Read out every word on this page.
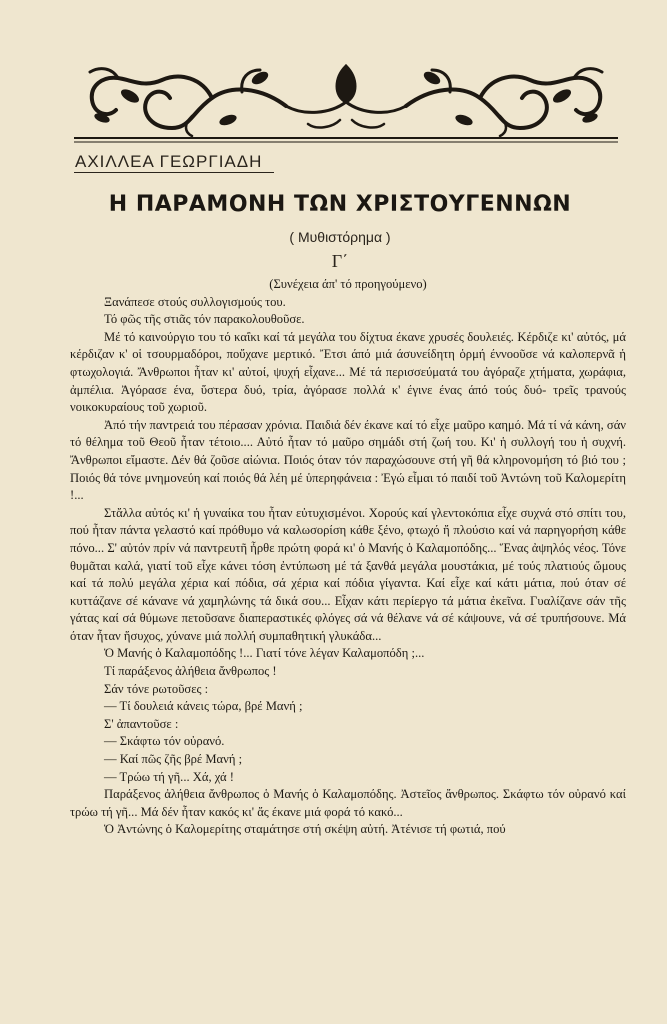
ΑΧΙΛΛΕΑ ΓΕΩΡΓΙΑΔΗ
Η ΠΑΡΑΜΟΝΗ ΤΩΝ ΧΡΙΣΤΟΥΓΕΝΝΩΝ
( Μυθιστόρημα )
Γ΄

(Συνέχεια άπ' τό προηγούμενο)

Ξανάπεσε στούς συλλογισμούς του.

Τό φῶς τῆς στιᾶς τόν παρακολουθοῦσε.

Μέ τό καινούργιο του τό καΐκι καί τά μεγάλα του δίχτυα έκανε χρυσές δουλειές. Κέρδιζε κι' αὐτός, μά κέρδιζαν κ' οἱ τσουρμαδόροι, ποὔχανε μερτικό. Ἔτσι άπό μιά άσυνείδητη ὁρμή έννοοῦσε νά καλοπερνᾶ ἡ φτωχολογιά. Ἄνθρωποι ἦταν κι' αὐτοί, ψυχή εἶχανε... Μέ τά περισσεύματά του ἀγόραζε χτήματα, χωράφια, ἀμπέλια. Ἀγόρασε ένα, ὕστερα δυό, τρία, ἀγόρασε πολλά κ' έγινε ένας άπό τούς δυό- τρεῖς τρανούς νοικοκυραίους τοῦ χωριοῦ.

Ἀπό τήν παντρειά του πέρασαν χρόνια. Παιδιά δέν έκανε καί τό εἶχε μαῦρο καημό. Μά τί νά κάνη, σάν τό θέλημα τοῦ Θεοῦ ἦταν τέτοιο.... Αὐτό ἦταν τό μαῦρο σημάδι στή ζωή του. Κι' ἡ συλλογή του ἡ συχνή. Ἄνθρωποι εἴμαστε. Δέν θά ζοῦσε αἰώνια. Ποιός όταν τόν παραχώσουνε στή γῆ θά κληρονομήση τό βιό του ; Ποιός θά τόνε μνημονεύη καί ποιός θά λέη μέ ὑπερηφάνεια : Ἐγώ εἶμαι τό παιδί τοῦ Ἀντώνη τοῦ Καλομερίτη !...

Στἄλλα αὐτός κι' ἡ γυναίκα του ἦταν εὐτυχισμένοι. Χορούς καί γλεντοκόπια εἶχε συχνά στό σπίτι του, πού ἦταν πάντα γελαστό καί πρόθυμο νά καλωσορίση κάθε ξένο, φτωχό ἤ πλούσιο καί νά παρηγορήση κάθε πόνο... Σ' αὐτόν πρίν νά παντρευτῆ ἦρθε πρώτη φορά κι' ὁ Μανής ὁ Καλαμοπόδης... Ἕνας ἀψηλός νέος. Τόνε θυμᾶται καλά, γιατί τοῦ εἶχε κάνει τόση ἐντύπωση μέ τά ξανθά μεγάλα μουστάκια, μέ τούς πλατιούς ὤμους καί τά πολύ μεγάλα χέρια καί πόδια, σά χέρια καί πόδια γίγαντα. Καί εἶχε καί κάτι μάτια, πού όταν σέ κυττάζανε σέ κάνανε νά χαμηλώνης τά δικά σου... Εἶχαν κάτι περίεργο τά μάτια ἐκεῖνα. Γυαλίζανε σάν τῆς γάτας καί σά θύμωνε πετοῦσανε διαπεραστικές φλόγες σά νά θέλανε νά σέ κάψουνε, νά σέ τρυπήσουνε. Μά όταν ἦταν ἥσυχος, χύνανε μιά πολλή συμπαθητική γλυκάδα...

Ὁ Μανής ὁ Καλαμοπόδης !... Γιατί τόνε λέγαν Καλαμοπόδη ;...

Τί παράξενος ἀλήθεια ἄνθρωπος !

Σάν τόνε ρωτοῦσες :

— Τί δουλειά κάνεις τώρα, βρέ Μανή ;

Σ' ἀπαντοῦσε :

— Σκάφτω τόν οὐρανό.

— Καί πῶς ζῆς βρέ Μανή ;

— Τρώω τή γῆ... Χά, χά !

Παράξενος ἀλήθεια ἄνθρωπος ὁ Μανής ὁ Καλαμοπόδης. Ἀστεῖος ἄνθρωπος. Σκάφτω τόν οὐρανό καί τρώω τή γῆ... Μά δέν ἦταν κακός κι' ἄς έκανε μιά φορά τό κακό...

Ὁ Ἀντώνης ὁ Καλομερίτης σταμάτησε στή σκέψη αὐτή. Ἀτένισε τή φωτιά, πού
